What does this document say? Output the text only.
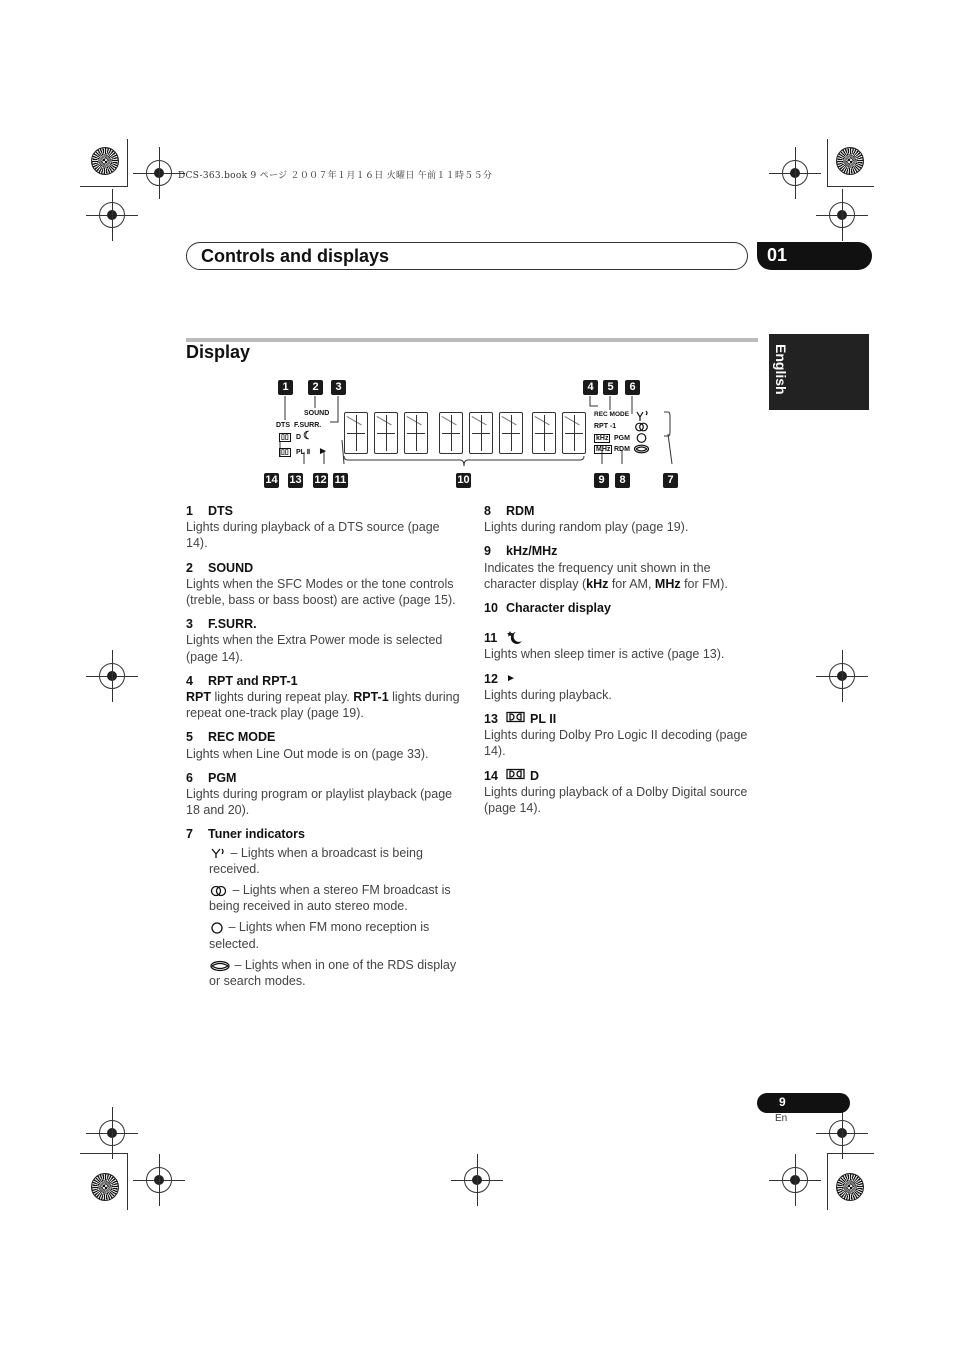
DCS-363.book 9 ページ ２００７年１月１６日 火曜日 午前１１時５５分
Controls and displays	01
English
Display
1	2	3	4	5	6
14 13 12 11	10	9	8	7
DTS
SOUND
F.SURR.
▯▯ D ☾
▯▯ PL Ⅱ ►
REC MODE
RPT -1
kHz
MHz
PGM
RDM
1	DTS
Lights during playback of a DTS source (page 14).
2	SOUND
Lights when the SFC Modes or the tone controls (treble, bass or bass boost) are active (page 15).
3	F.SURR.
Lights when the Extra Power mode is selected (page 14).
4	RPT and RPT-1
RPT lights during repeat play. RPT-1 lights during repeat one-track play (page 19).
5	REC MODE
Lights when Line Out mode is on (page 33).
6	PGM
Lights during program or playlist playback (page 18 and 20).
7	Tuner indicators
– Lights when a broadcast is being received.
– Lights when a stereo FM broadcast is being received in auto stereo mode.
– Lights when FM mono reception is selected.
– Lights when in one of the RDS display or search modes.
8	RDM
Lights during random play (page 19).
9	kHz/MHz
Indicates the frequency unit shown in the character display (kHz for AM, MHz for FM).
10 Character display
11
Lights when sleep timer is active (page 13).
12 ►
Lights during playback.
13	PL II
Lights during Dolby Pro Logic II decoding (page 14).
14	D
Lights during playback of a Dolby Digital source (page 14).
9
En
